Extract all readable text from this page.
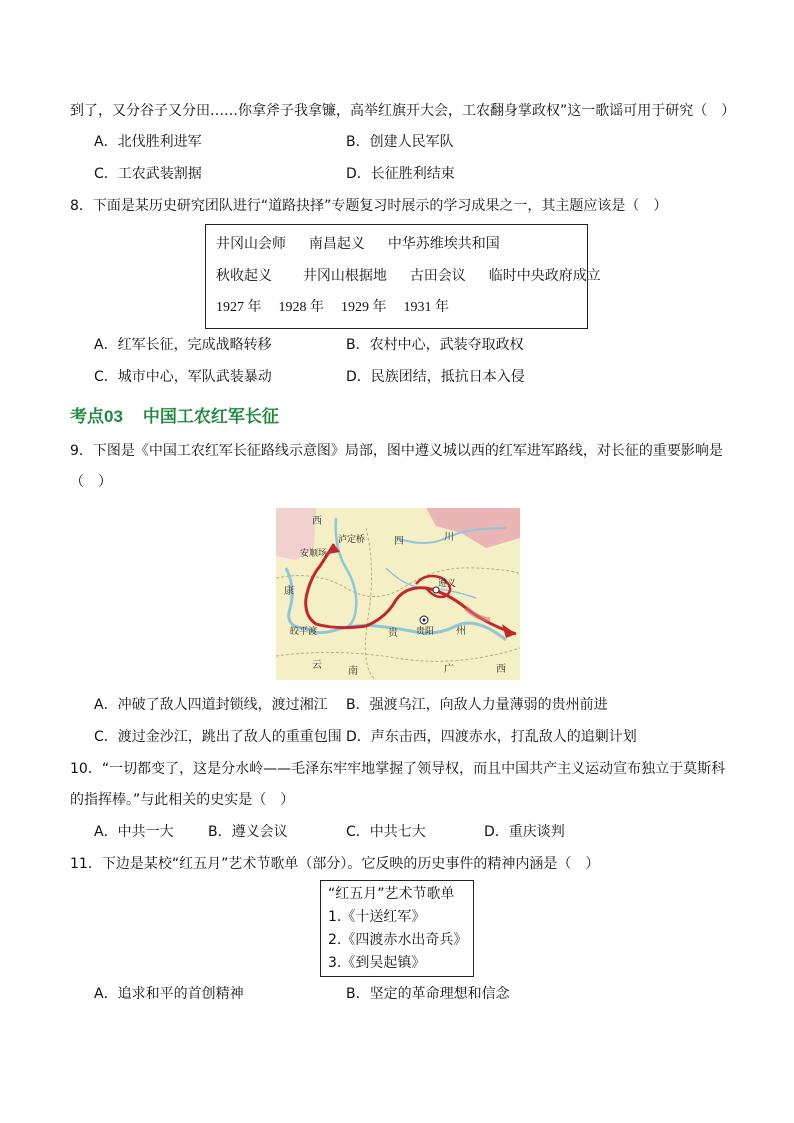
到了，又分谷子又分田……你拿斧子我拿镰，高举红旗开大会，工农翻身掌政权”这一歌谣可用于研究（　）
A．北伐胜利进军	B．创建人民军队
C．工农武装割据	D．长征胜利结束
8．下面是某历史研究团队进行“道路抉择”专题复习时展示的学习成果之一，其主题应该是（　）
井冈山会师 南昌起义 中华苏维埃共和国
秋收起义 井冈山根据地 古田会议 临时中央政府成立
1927 年 1928 年 1929 年 1931 年
A．红军长征，完成战略转移	B．农村中心，武装夺取政权
C．城市中心，军队武装暴动	D．民族团结，抵抗日本入侵
考点03 中国工农红军长征
9．下图是《中国工农红军长征路线示意图》局部，图中遵义城以西的红军进军路线，对长征的重要影响是
（　）
西
四	川
康
安顺场
泸定桥
遵义
皎平渡	贵 贵阳 州
云
南	广	西
A．冲破了敌人四道封锁线，渡过湘江 B．强渡乌江，向敌人力量薄弱的贵州前进
C．渡过金沙江，跳出了敌人的重重包围 D．声东击西，四渡赤水，打乱敌人的追剿计划
10．“一切都变了，这是分水岭——毛泽东牢牢地掌握了领导权，而且中国共产主义运动宣布独立于莫斯科
的指挥棒。”与此相关的史实是（　）
A．中共一大 B．遵义会议	C．中共七大	D．重庆谈判
11．下边是某校“红五月”艺术节歌单（部分）。它反映的历史事件的精神内涵是（　）
“红五月”艺术节歌单
1.《十送红军》
2.《四渡赤水出奇兵》
3.《到吴起镇》
A．追求和平的首创精神	B．坚定的革命理想和信念
